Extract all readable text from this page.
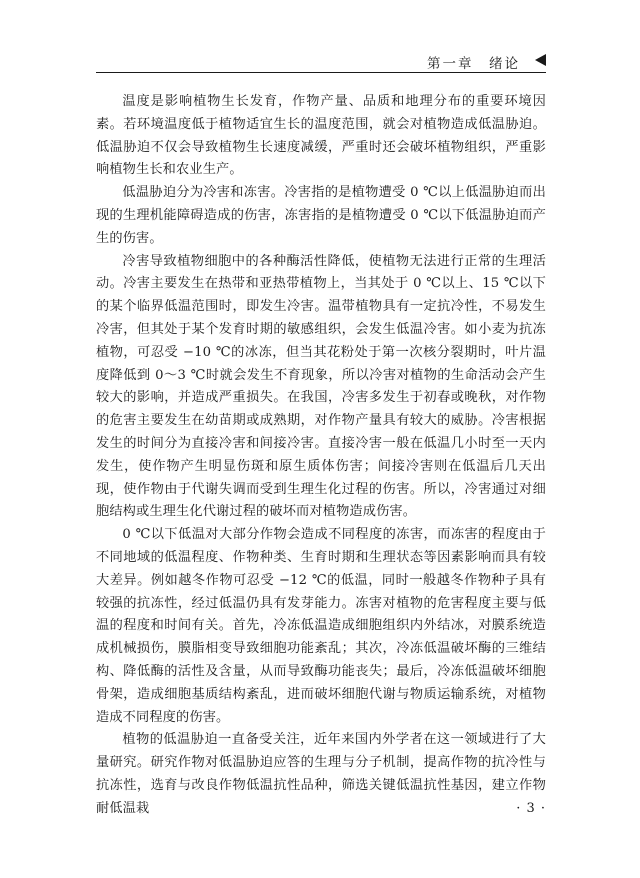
第一章　绪论

温度是影响植物生长发育，作物产量、品质和地理分布的重要环境因素。若环境温度低于植物适宜生长的温度范围，就会对植物造成低温胁迫。低温胁迫不仅会导致植物生长速度减缓，严重时还会破坏植物组织，严重影响植物生长和农业生产。

低温胁迫分为冷害和冻害。冷害指的是植物遭受 0 ℃以上低温胁迫而出现的生理机能障碍造成的伤害，冻害指的是植物遭受 0 ℃以下低温胁迫而产生的伤害。

冷害导致植物细胞中的各种酶活性降低，使植物无法进行正常的生理活动。冷害主要发生在热带和亚热带植物上，当其处于 0 ℃以上、15 ℃以下的某个临界低温范围时，即发生冷害。温带植物具有一定抗冷性，不易发生冷害，但其处于某个发育时期的敏感组织，会发生低温冷害。如小麦为抗冻植物，可忍受 −10 ℃的冰冻，但当其花粉处于第一次核分裂期时，叶片温度降低到 0～3 ℃时就会发生不育现象，所以冷害对植物的生命活动会产生较大的影响，并造成严重损失。在我国，冷害多发生于初春或晚秋，对作物的危害主要发生在幼苗期或成熟期，对作物产量具有较大的威胁。冷害根据发生的时间分为直接冷害和间接冷害。直接冷害一般在低温几小时至一天内发生，使作物产生明显伤斑和原生质体伤害；间接冷害则在低温后几天出现，使作物由于代谢失调而受到生理生化过程的伤害。所以，冷害通过对细胞结构或生理生化代谢过程的破坏而对植物造成伤害。

0 ℃以下低温对大部分作物会造成不同程度的冻害，而冻害的程度由于不同地域的低温程度、作物种类、生育时期和生理状态等因素影响而具有较大差异。例如越冬作物可忍受 −12 ℃的低温，同时一般越冬作物种子具有较强的抗冻性，经过低温仍具有发芽能力。冻害对植物的危害程度主要与低温的程度和时间有关。首先，冷冻低温造成细胞组织内外结冰，对膜系统造成机械损伤，膜脂相变导致细胞功能紊乱；其次，冷冻低温破坏酶的三维结构、降低酶的活性及含量，从而导致酶功能丧失；最后，冷冻低温破坏细胞骨架，造成细胞基质结构紊乱，进而破坏细胞代谢与物质运输系统，对植物造成不同程度的伤害。

植物的低温胁迫一直备受关注，近年来国内外学者在这一领域进行了大量研究。研究作物对低温胁迫应答的生理与分子机制，提高作物的抗冷性与抗冻性，选育与改良作物低温抗性品种，筛选关键低温抗性基因，建立作物耐低温栽	· 3 ·
